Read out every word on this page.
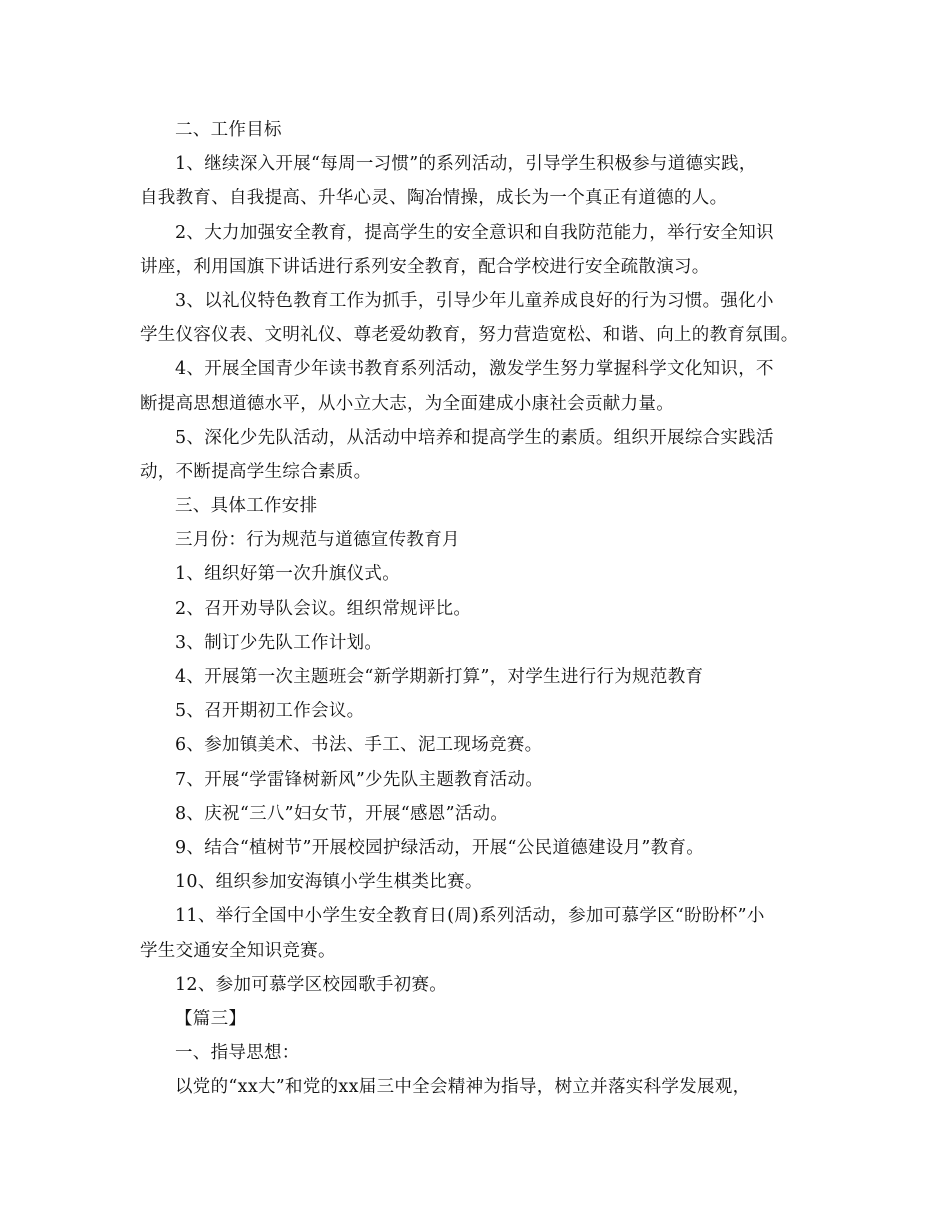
二、工作目标
1、继续深入开展“每周一习惯”的系列活动，引导学生积极参与道德实践，
自我教育、自我提高、升华心灵、陶冶情操，成长为一个真正有道德的人。
2、大力加强安全教育，提高学生的安全意识和自我防范能力，举行安全知识
讲座，利用国旗下讲话进行系列安全教育，配合学校进行安全疏散演习。
3、以礼仪特色教育工作为抓手，引导少年儿童养成良好的行为习惯。强化小
学生仪容仪表、文明礼仪、尊老爱幼教育，努力营造宽松、和谐、向上的教育氛围。
4、开展全国青少年读书教育系列活动，激发学生努力掌握科学文化知识，不
断提高思想道德水平，从小立大志，为全面建成小康社会贡献力量。
5、深化少先队活动，从活动中培养和提高学生的素质。组织开展综合实践活
动，不断提高学生综合素质。
三、具体工作安排
三月份：行为规范与道德宣传教育月
1、组织好第一次升旗仪式。
2、召开劝导队会议。组织常规评比。
3、制订少先队工作计划。
4、开展第一次主题班会“新学期新打算”，对学生进行行为规范教育
5、召开期初工作会议。
6、参加镇美术、书法、手工、泥工现场竞赛。
7、开展“学雷锋树新风”少先队主题教育活动。
8、庆祝“三八”妇女节，开展“感恩”活动。
9、结合“植树节”开展校园护绿活动，开展“公民道德建设月”教育。
10、组织参加安海镇小学生棋类比赛。
11、举行全国中小学生安全教育日(周)系列活动，参加可慕学区“盼盼杯”小
学生交通安全知识竞赛。
12、参加可慕学区校园歌手初赛。
【篇三】
一、指导思想：
以党的“xx大”和党的xx届三中全会精神为指导，树立并落实科学发展观，
